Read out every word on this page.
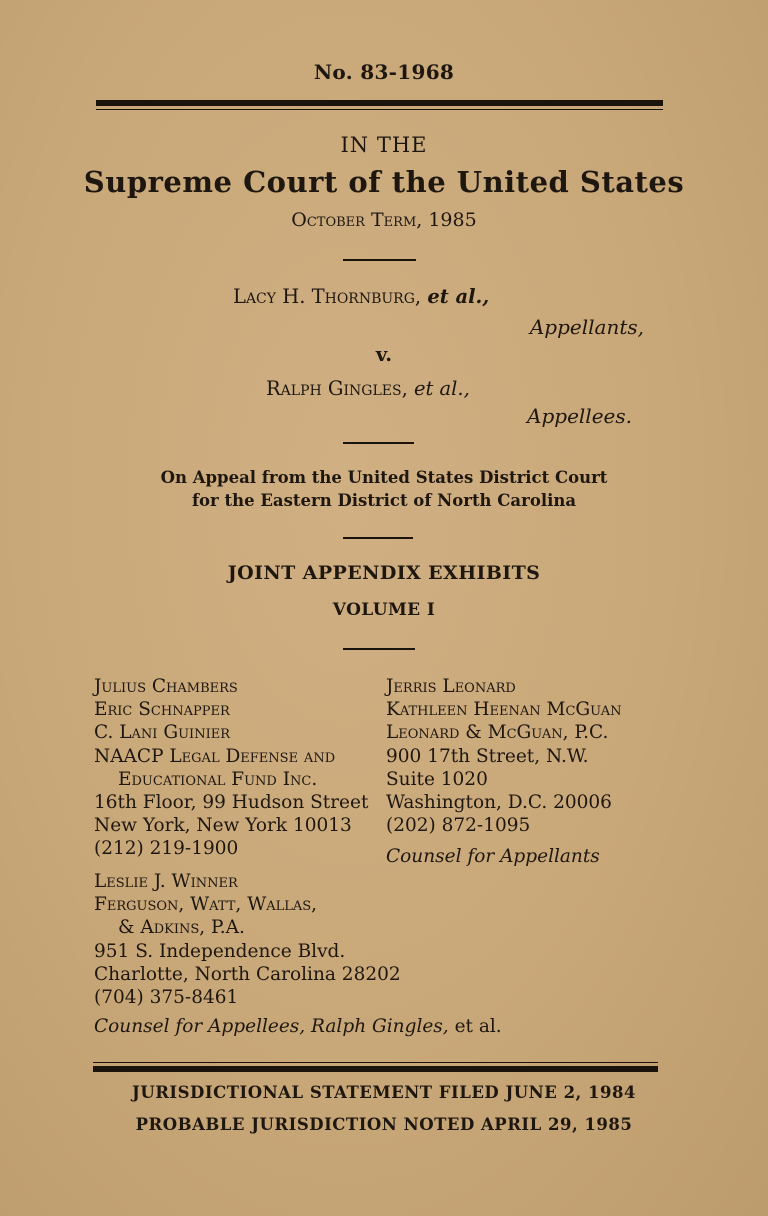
No. 83-1968
IN THE
Supreme Court of the United States
October Term, 1985
Lacy H. Thornburg, et al.,
Appellants,
v.
Ralph Gingles, et al.,
Appellees.
On Appeal from the United States District Court
for the Eastern District of North Carolina
JOINT APPENDIX EXHIBITS
VOLUME I
Julius Chambers
Eric Schnapper
C. Lani Guinier
NAACP Legal Defense and
Educational Fund Inc.
16th Floor, 99 Hudson Street
New York, New York 10013
(212) 219-1900
Jerris Leonard
Kathleen Heenan McGuan
Leonard & McGuan, P.C.
900 17th Street, N.W.
Suite 1020
Washington, D.C. 20006
(202) 872-1095
Counsel for Appellants
Leslie J. Winner
Ferguson, Watt, Wallas,
& Adkins, P.A.
951 S. Independence Blvd.
Charlotte, North Carolina 28202
(704) 375-8461
Counsel for Appellees, Ralph Gingles, et al.
JURISDICTIONAL STATEMENT FILED JUNE 2, 1984
PROBABLE JURISDICTION NOTED APRIL 29, 1985
